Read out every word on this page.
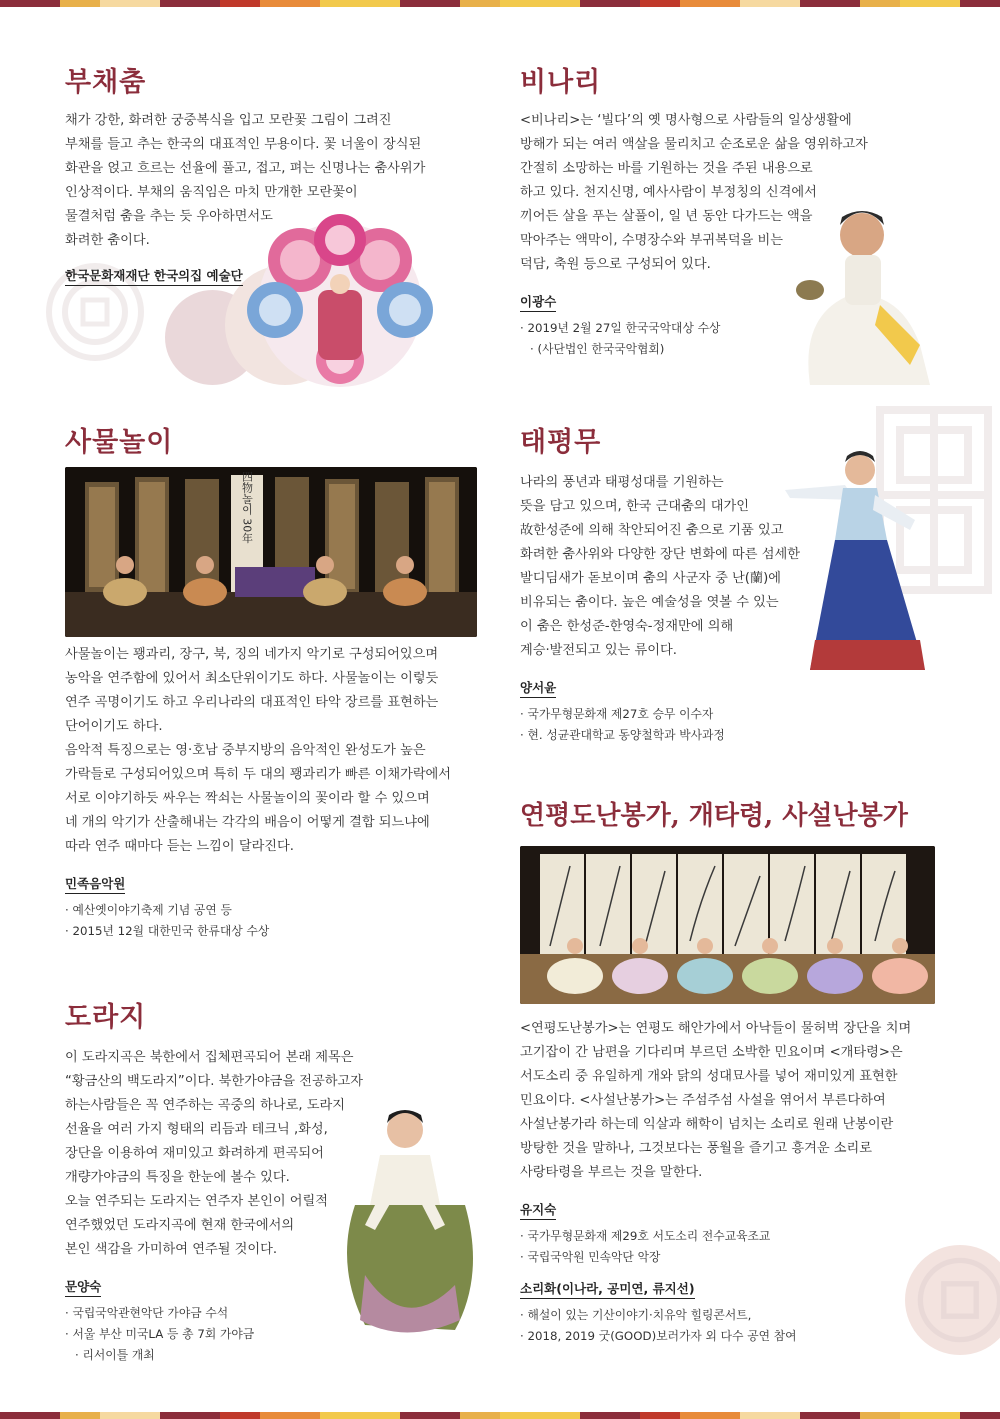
부채춤

채가 강한, 화려한 궁중복식을 입고 모란꽃 그림이 그려진

부채를 들고 추는 한국의 대표적인 무용이다. 꽃 너울이 장식된

화관을 얹고 흐르는 선율에 풀고, 접고, 펴는 신명나는 춤사위가

인상적이다. 부채의 움직임은 마치 만개한 모란꽃이

물결처럼 춤을 추는 듯 우아하면서도

화려한 춤이다.

한국문화재재단 한국의집 예술단
비나리

<비나리>는 ‘빌다’의 옛 명사형으로 사람들의 일상생활에

방해가 되는 여러 액살을 물리치고 순조로운 삶을 영위하고자

간절히 소망하는 바를 기원하는 것을 주된 내용으로

하고 있다. 천지신명, 예사사람이 부정칭의 신격에서

끼어든 살을 푸는 살풀이, 일 년 동안 다가드는 액을

막아주는 액막이, 수명장수와 부귀복덕을 비는

덕담, 축원 등으로 구성되어 있다.

이광수
· 2019년 2월 27일 한국국악대상 수상
· (사단법인 한국국악협회)
사물놀이
四物놀이 30年

사물놀이는 꽹과리, 장구, 북, 징의 네가지 악기로 구성되어있으며

농악을 연주함에 있어서 최소단위이기도 하다. 사물놀이는 이렇듯

연주 곡명이기도 하고 우리나라의 대표적인 타악 장르를 표현하는

단어이기도 하다.

음악적 특징으로는 영·호남 중부지방의 음악적인 완성도가 높은

가락들로 구성되어있으며 특히 두 대의 꽹과리가 빠른 이채가락에서

서로 이야기하듯 싸우는 짝쇠는 사물놀이의 꽃이라 할 수 있으며

네 개의 악기가 산출해내는 각각의 배음이 어떻게 결합 되느냐에

따라 연주 때마다 듣는 느낌이 달라진다.

민족음악원
· 예산옛이야기축제 기념 공연 등
· 2015년 12월 대한민국 한류대상 수상
태평무

나라의 풍년과 태평성대를 기원하는

뜻을 담고 있으며, 한국 근대춤의 대가인

故한성준에 의해 착안되어진 춤으로 기품 있고

화려한 춤사위와 다양한 장단 변화에 따른 섬세한

발디딤새가 돋보이며 춤의 사군자 중 난(蘭)에

비유되는 춤이다. 높은 예술성을 엿볼 수 있는

이 춤은 한성준-한영숙-정재만에 의해

계승·발전되고 있는 류이다.

양서윤
· 국가무형문화재 제27호 승무 이수자
· 현. 성균관대학교 동양철학과 박사과정
연평도난봉가, 개타령, 사설난봉가

<연평도난봉가>는 연평도 해안가에서 아낙들이 물허벅 장단을 치며

고기잡이 간 남편을 기다리며 부르던 소박한 민요이며 <개타령>은

서도소리 중 유일하게 개와 닭의 성대묘사를 넣어 재미있게 표현한

민요이다. <사설난봉가>는 주섬주섬 사설을 엮어서 부른다하여

사설난봉가라 하는데 익살과 해학이 넘치는 소리로 원래 난봉이란

방탕한 것을 말하나, 그것보다는 풍월을 즐기고 흥겨운 소리로

사랑타령을 부르는 것을 말한다.

유지숙
· 국가무형문화재 제29호 서도소리 전수교육조교
· 국립국악원 민속악단 악장
소리화(이나라, 공미연, 류지선)
· 해설이 있는 기산이야기·치유악 힐링콘서트,
· 2018, 2019 굿(GOOD)보러가자 외 다수 공연 참여
도라지

이 도라지곡은 북한에서 집체편곡되어 본래 제목은

“황금산의 백도라지”이다. 북한가야금을 전공하고자

하는사람들은 꼭 연주하는 곡중의 하나로, 도라지

선율을 여러 가지 형태의 리듬과 테크닉 ,화성,

장단을 이용하여 재미있고 화려하게 편곡되어

개량가야금의 특징을 한눈에 볼수 있다.

오늘 연주되는 도라지는 연주자 본인이 어릴적

연주했었던 도라지곡에 현재 한국에서의

본인 색감을 가미하여 연주될 것이다.

문양숙
· 국립국악관현악단 가야금 수석
· 서울 부산 미국LA 등 총 7회 가야금
· 리서이틀 개최
